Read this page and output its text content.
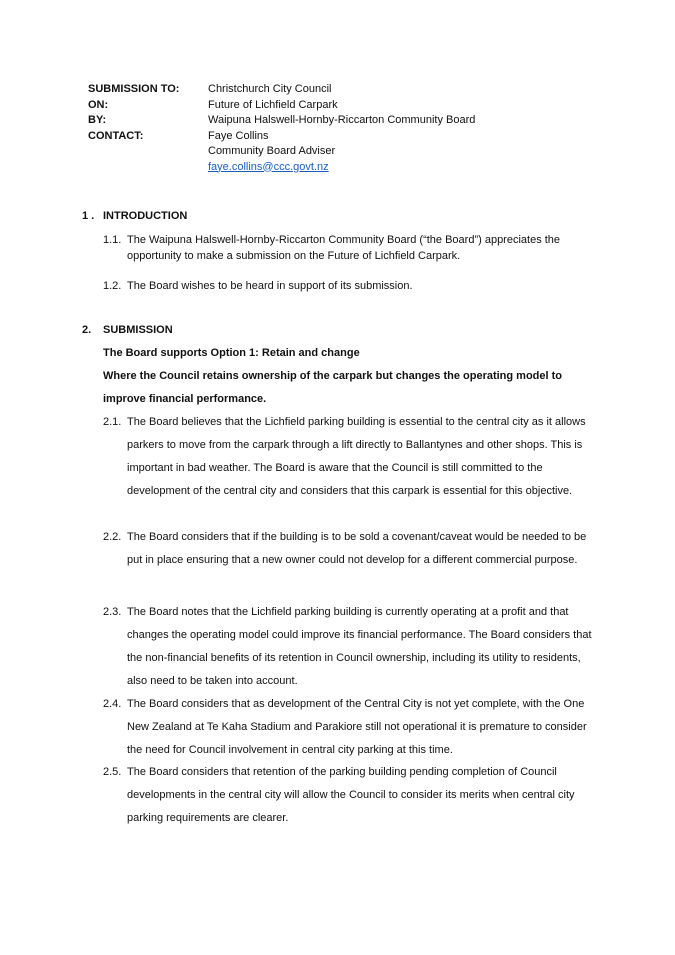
SUBMISSION TO:	Christchurch City Council
ON:	Future of Lichfield Carpark
BY:	Waipuna Halswell-Hornby-Riccarton Community Board
CONTACT:	Faye Collins
Community Board Adviser
faye.collins@ccc.govt.nz
1 . INTRODUCTION
1.1. The Waipuna Halswell-Hornby-Riccarton Community Board (“the Board”) appreciates the opportunity to make a submission on the Future of Lichfield Carpark.
1.2. The Board wishes to be heard in support of its submission.
2.	SUBMISSION
The Board supports Option 1: Retain and change
Where the Council retains ownership of the carpark but changes the operating model to
improve financial performance.
2.1. The Board believes that the Lichfield parking building is essential to the central city as it allows parkers to move from the carpark through a lift directly to Ballantynes and other shops. This is important in bad weather. The Board is aware that the Council is still committed to the development of the central city and considers that this carpark is essential for this objective.
2.2. The Board considers that if the building is to be sold a covenant/caveat would be needed to be put in place ensuring that a new owner could not develop for a different commercial purpose.
2.3. The Board notes that the Lichfield parking building is currently operating at a profit and that changes the operating model could improve its financial performance. The Board considers that the non-financial benefits of its retention in Council ownership, including its utility to residents, also need to be taken into account.
2.4. The Board considers that as development of the Central City is not yet complete, with the One New Zealand at Te Kaha Stadium and Parakiore still not operational it is premature to consider the need for Council involvement in central city parking at this time.
2.5. The Board considers that retention of the parking building pending completion of Council developments in the central city will allow the Council to consider its merits when central city parking requirements are clearer.
